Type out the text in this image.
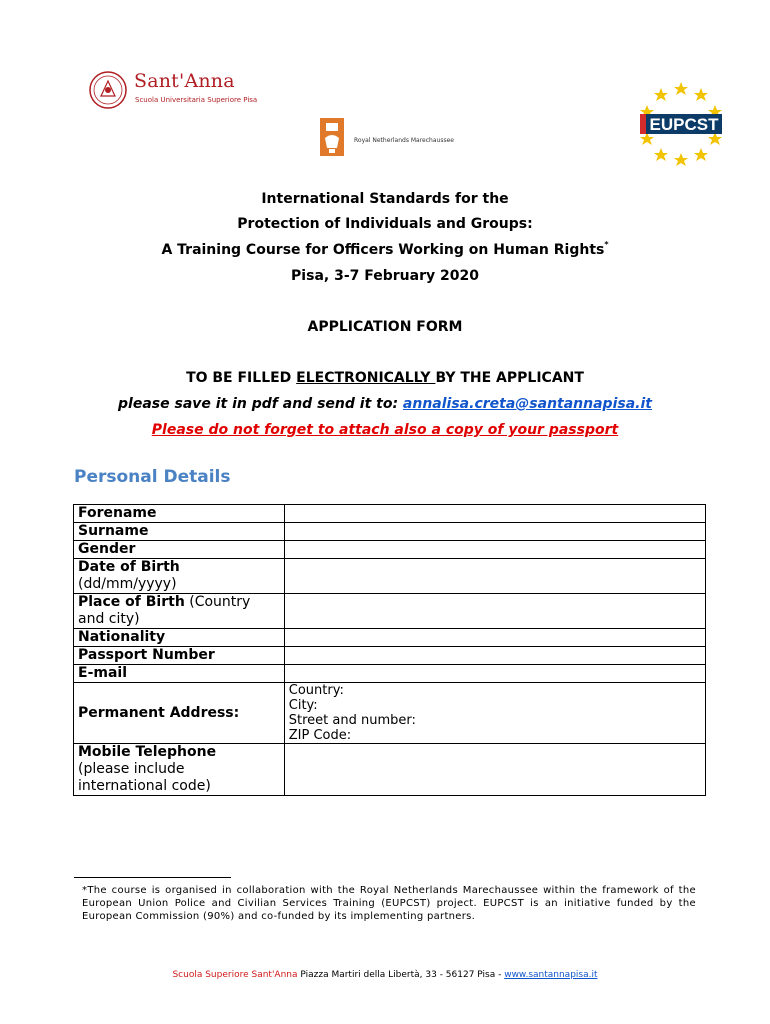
Sant'Anna
Scuola Universitaria Superiore Pisa
Royal Netherlands Marechaussee
EUPCST
International Standards for the
Protection of Individuals and Groups:
A Training Course for Officers Working on Human Rights*
Pisa, 3-7 February 2020
APPLICATION FORM
TO BE FILLED ELECTRONICALLY BY THE APPLICANT
please save it in pdf and send it to: annalisa.creta@santannapisa.it
Please do not forget to attach also a copy of your passport
Personal Details
Forename	
Surname	
Gender	
Date of Birth
(dd/mm/yyyy)	
Place of Birth (Country
and city)	
Nationality	
Passport Number	
E-mail	
Permanent Address:	Country:
City:
Street and number:
ZIP Code:

Mobile Telephone
(please include
international code)	
*The course is organised in collaboration with the Royal Netherlands Marechaussee within the framework of the European Union Police and Civilian Services Training (EUPCST) project. EUPCST is an initiative funded by the European Commission (90%) and co-funded by its implementing partners.
Scuola Superiore Sant'Anna Piazza Martiri della Libertà, 33 - 56127 Pisa - www.santannapisa.it
